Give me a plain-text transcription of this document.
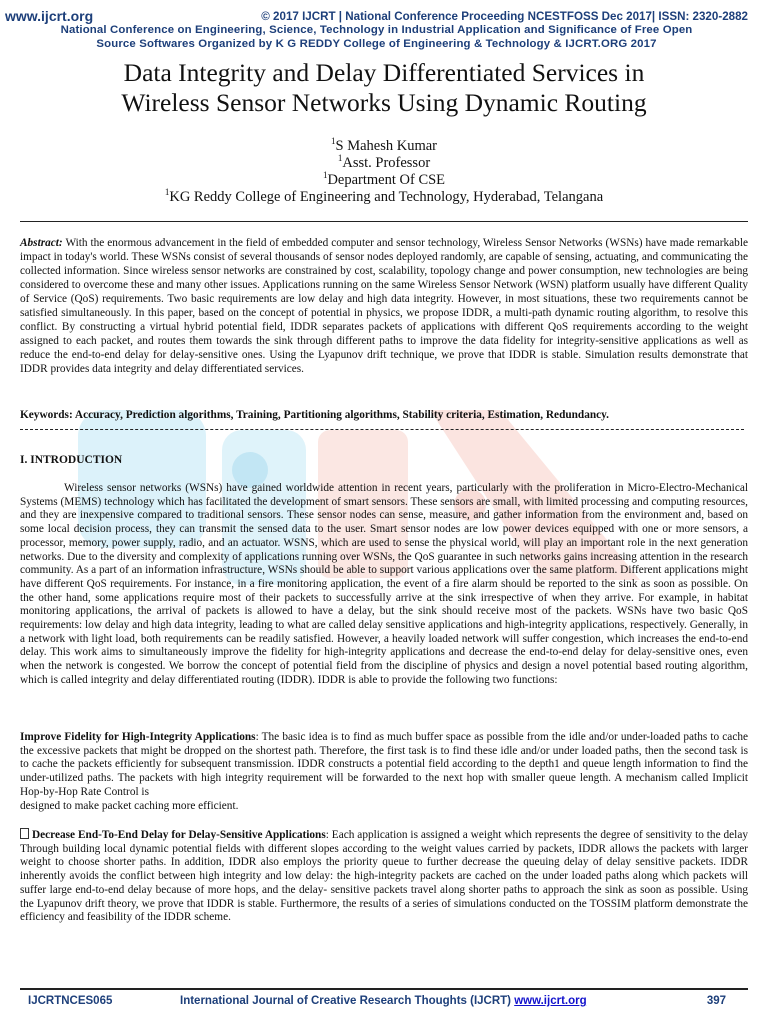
www.ijcrt.org	© 2017 IJCRT | National Conference Proceeding NCESTFOSS Dec 2017| ISSN: 2320-2882
National Conference on Engineering, Science, Technology in Industrial Application and Significance of Free Open
Source Softwares Organized by K G REDDY College of Engineering & Technology & IJCRT.ORG 2017
Data Integrity and Delay Differentiated Services in
Wireless Sensor Networks Using Dynamic Routing
$^1$S Mahesh Kumar
$^1$Asst. Professor
$^1$Department Of CSE
$^1$KG Reddy College of Engineering and Technology, Hyderabad, Telangana
Abstract: With the enormous advancement in the field of embedded computer and sensor technology, Wireless Sensor Networks (WSNs) have made remarkable impact in today's world. These WSNs consist of several thousands of sensor nodes deployed randomly, are capable of sensing, actuating, and communicating the collected information. Since wireless sensor networks are constrained by cost, scalability, topology change and power consumption, new technologies are being considered to overcome these and many other issues. Applications running on the same Wireless Sensor Network (WSN) platform usually have different Quality of Service (QoS) requirements. Two basic requirements are low delay and high data integrity. However, in most situations, these two requirements cannot be satisfied simultaneously. In this paper, based on the concept of potential in physics, we propose IDDR, a multi-path dynamic routing algorithm, to resolve this conflict. By constructing a virtual hybrid potential field, IDDR separates packets of applications with different QoS requirements according to the weight assigned to each packet, and routes them towards the sink through different paths to improve the data fidelity for integrity-sensitive applications as well as reduce the end-to-end delay for delay-sensitive ones. Using the Lyapunov drift technique, we prove that IDDR is stable. Simulation results demonstrate that IDDR provides data integrity and delay differentiated services.
Keywords: Accuracy, Prediction algorithms, Training, Partitioning algorithms, Stability criteria, Estimation, Redundancy.
I. INTRODUCTION
Wireless sensor networks (WSNs) have gained worldwide attention in recent years, particularly with the proliferation in Micro-Electro-Mechanical Systems (MEMS) technology which has facilitated the development of smart sensors. These sensors are small, with limited processing and computing resources, and they are inexpensive compared to traditional sensors. These sensor nodes can sense, measure, and gather information from the environment and, based on some local decision process, they can transmit the sensed data to the user. Smart sensor nodes are low power devices equipped with one or more sensors, a processor, memory, power supply, radio, and an actuator. WSNS, which are used to sense the physical world, will play an important role in the next generation networks. Due to the diversity and complexity of applications running over WSNs, the QoS guarantee in such networks gains increasing attention in the research community. As a part of an information infrastructure, WSNs should be able to support various applications over the same platform. Different applications might have different QoS requirements. For instance, in a fire monitoring application, the event of a fire alarm should be reported to the sink as soon as possible. On the other hand, some applications require most of their packets to successfully arrive at the sink irrespective of when they arrive. For example, in habitat monitoring applications, the arrival of packets is allowed to have a delay, but the sink should receive most of the packets. WSNs have two basic QoS requirements: low delay and high data integrity, leading to what are called delay sensitive applications and high-integrity applications, respectively. Generally, in a network with light load, both requirements can be readily satisfied. However, a heavily loaded network will suffer congestion, which increases the end-to-end delay. This work aims to simultaneously improve the fidelity for high-integrity applications and decrease the end-to-end delay for delay-sensitive ones, even when the network is congested. We borrow the concept of potential field from the discipline of physics and design a novel potential based routing algorithm, which is called integrity and delay differentiated routing (IDDR). IDDR is able to provide the following two functions:
Improve Fidelity for High-Integrity Applications: The basic idea is to find as much buffer space as possible from the idle and/or under-loaded paths to cache the excessive packets that might be dropped on the shortest path. Therefore, the first task is to find these idle and/or under loaded paths, then the second task is to cache the packets efficiently for subsequent transmission. IDDR constructs a potential field according to the depth1 and queue length information to find the under-utilized paths. The packets with high integrity requirement will be forwarded to the next hop with smaller queue length. A mechanism called Implicit Hop-by-Hop Rate Control is
designed to make packet caching more efficient.
Decrease End-To-End Delay for Delay-Sensitive Applications: Each application is assigned a weight which represents the degree of sensitivity to the delay Through building local dynamic potential fields with different slopes according to the weight values carried by packets, IDDR allows the packets with larger weight to choose shorter paths. In addition, IDDR also employs the priority queue to further decrease the queuing delay of delay sensitive packets. IDDR inherently avoids the conflict between high integrity and low delay: the high-integrity packets are cached on the under loaded paths along which packets will suffer large end-to-end delay because of more hops, and the delay- sensitive packets travel along shorter paths to approach the sink as soon as possible. Using the Lyapunov drift theory, we prove that IDDR is stable. Furthermore, the results of a series of simulations conducted on the TOSSIM platform demonstrate the efficiency and feasibility of the IDDR scheme.
IJCRTNCES065	International Journal of Creative Research Thoughts (IJCRT) www.ijcrt.org	397
